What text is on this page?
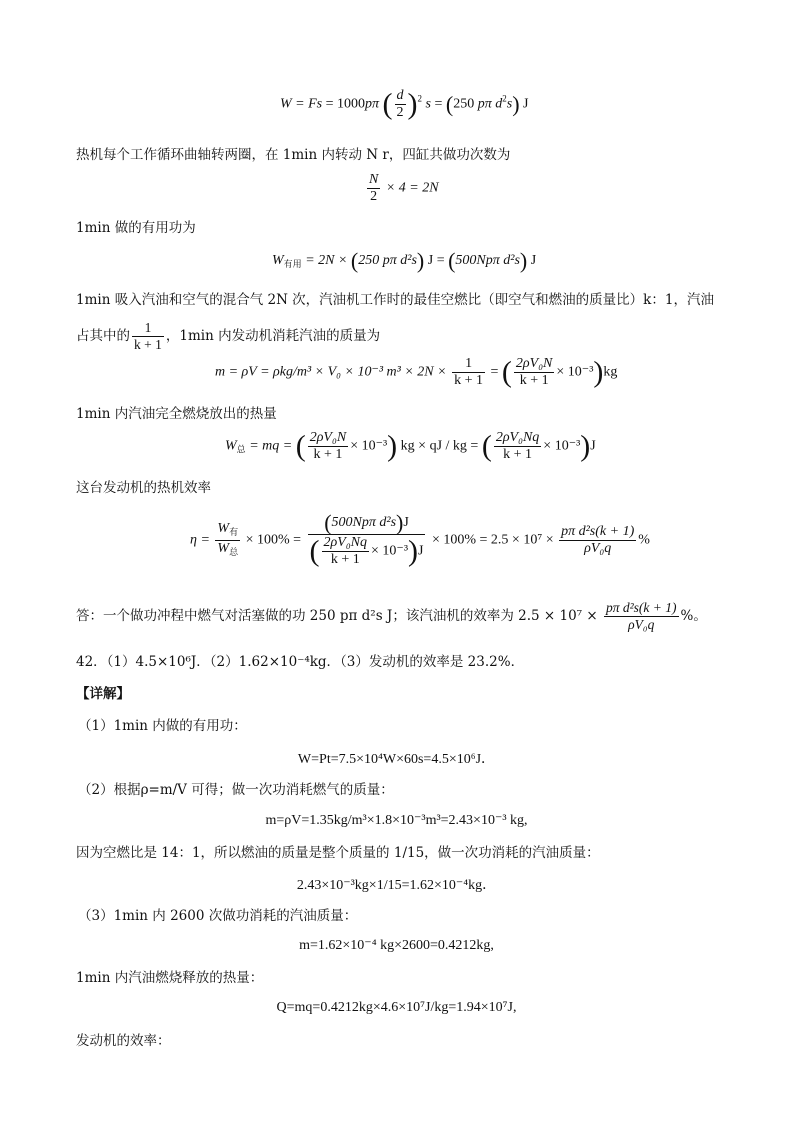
W = Fs = 1000pπ ( $\frac{d}{2} )^2$ s = (250 pπ $d^2s$) J
热机每个工作循环曲轴转两圈，在 1min 内转动 N r，四缸共做功次数为
$\frac{N}{2} \times 4 = 2N$
1min 做的有用功为
$W_{有用} = 2N \times (250$ pπ d²s) J = (500Npπ d²s) J
1min 吸入汽油和空气的混合气 2N 次，汽油机工作时的最佳空燃比（即空气和燃油的质量比）k：1，汽油
占其中的 $\frac{1}{k + 1}$ ，1min 内发动机消耗汽油的质量为
m = ρV = ρkg/m³ × V₀ × 10⁻³ $m^3 \times 2N \times \frac{1}{k + 1}$ = ( $\frac{\text{2ρV₀N}}{k + 1} \times 10^{-3})kg$
1min 内汽油完全燃烧放出的热量
$W_总$ = mq = ( $\frac{\text{2ρV₀N}}{k + 1} \times 10^{-3}$) kg × qJ / kg = ( $\frac{\text{2ρV₀Nq}}{k + 1} \times 10^{-3})J$
这台发动机的热机效率
$\eta = \frac{W_有}{W_总} \times 100\% = \frac{\text{(500Npπ d²s)J}}{( \frac{\text{2ρV₀Nq}}{k + 1} \times 10^{-3})J} \times 100\% = 2.5 \times 10^7 \times \frac{\text{pπ d²s(k + 1)}}{\text{ρV₀q}}$ %
答：一个做功冲程中燃气对活塞做的功 250 pπ d²s J；该汽油机的效率为 $2.5 \times 10^7 \times \frac{\text{pπ d²s(k + 1)}}{\text{ρV₀q}}$ %。
42．（1）4.5×10⁶J．（2）1.62×10⁻⁴kg．（3）发动机的效率是 23.2%．
【详解】
（1）1min 内做的有用功：
W=Pt=7.5×10⁴W×60s=4.5×10⁶J．
（2）根据ρ=m/V 可得；做一次功消耗燃气的质量：
m=ρV=1.35kg/m³×1.8×10⁻³m³=2.43×10⁻³ kg,
因为空燃比是 14：1，所以燃油的质量是整个质量的 1/15，做一次功消耗的汽油质量：
2.43×10⁻³kg×1/15=1.62×10⁻⁴kg．
（3）1min 内 2600 次做功消耗的汽油质量：
m=1.62×10⁻⁴ kg×2600=0.4212kg,
1min 内汽油燃烧释放的热量：
Q=mq=0.4212kg×4.6×10⁷J/kg=1.94×10⁷J,
发动机的效率：
